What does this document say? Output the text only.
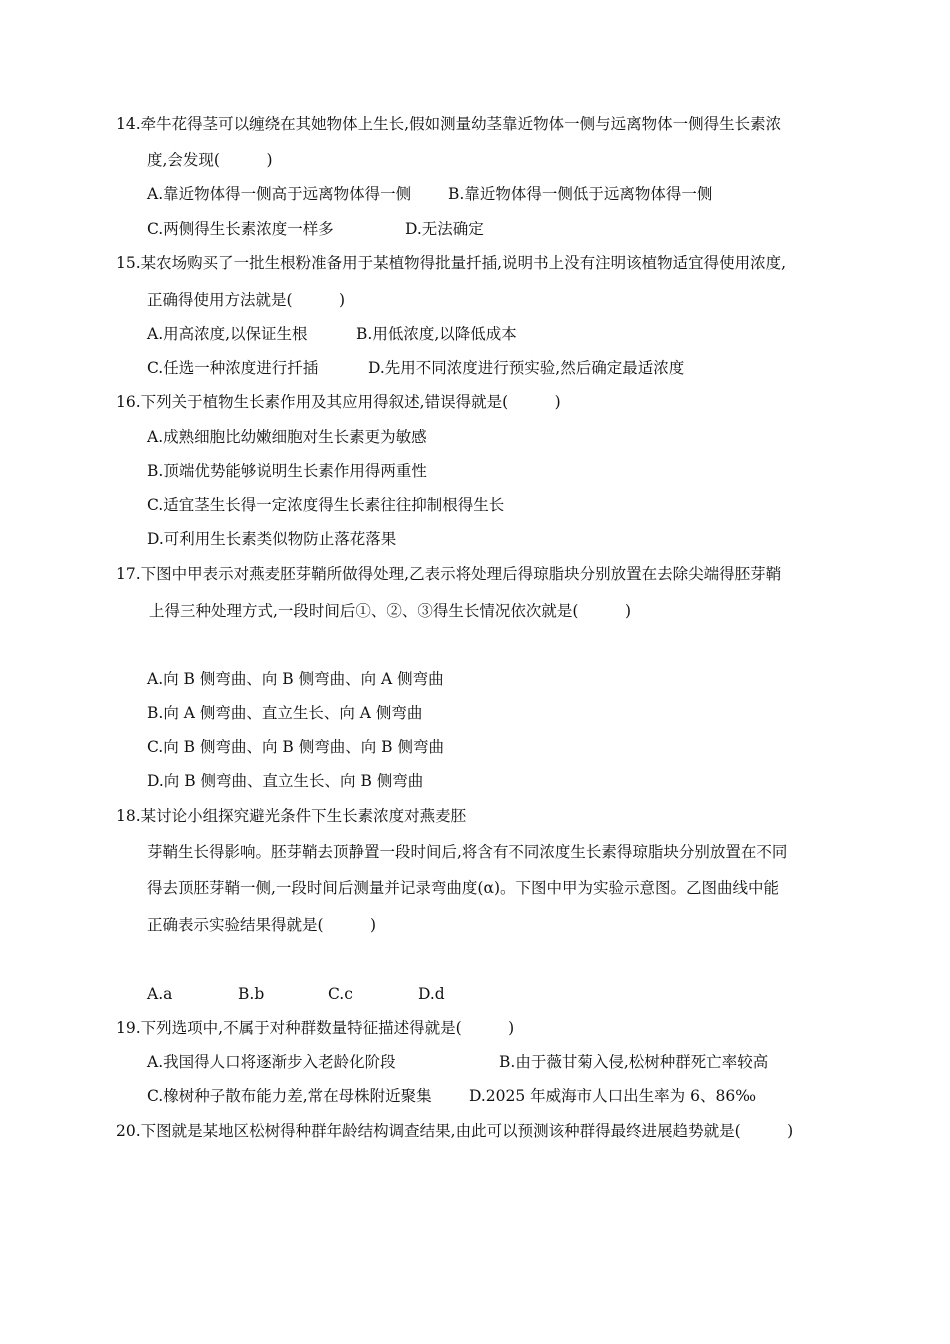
14.牵牛花得茎可以缠绕在其她物体上生长,假如测量幼茎靠近物体一侧与远离物体一侧得生长素浓
度,会发现(　　　)
A.靠近物体得一侧高于远离物体得一侧 B.靠近物体得一侧低于远离物体得一侧
C.两侧得生长素浓度一样多	D.无法确定
15.某农场购买了一批生根粉准备用于某植物得批量扦插,说明书上没有注明该植物适宜得使用浓度,
正确得使用方法就是(　　　)
A.用高浓度,以保证生根	B.用低浓度,以降低成本
C.任选一种浓度进行扦插	D.先用不同浓度进行预实验,然后确定最适浓度
16.下列关于植物生长素作用及其应用得叙述,错误得就是(　　　)
A.成熟细胞比幼嫩细胞对生长素更为敏感
B.顶端优势能够说明生长素作用得两重性
C.适宜茎生长得一定浓度得生长素往往抑制根得生长
D.可利用生长素类似物防止落花落果
17.下图中甲表示对燕麦胚芽鞘所做得处理,乙表示将处理后得琼脂块分别放置在去除尖端得胚芽鞘
上得三种处理方式,一段时间后①、②、③得生长情况依次就是(　　　)
A.向 B 侧弯曲、向 B 侧弯曲、向 A 侧弯曲
B.向 A 侧弯曲、直立生长、向 A 侧弯曲
C.向 B 侧弯曲、向 B 侧弯曲、向 B 侧弯曲
D.向 B 侧弯曲、直立生长、向 B 侧弯曲
18.某讨论小组探究避光条件下生长素浓度对燕麦胚
芽鞘生长得影响。胚芽鞘去顶静置一段时间后,将含有不同浓度生长素得琼脂块分别放置在不同
得去顶胚芽鞘一侧,一段时间后测量并记录弯曲度(α)。下图中甲为实验示意图。乙图曲线中能
正确表示实验结果得就是(　　　)
A.a	B.b	C.c	D.d
19.下列选项中,不属于对种群数量特征描述得就是(　　　)
A.我国得人口将逐渐步入老龄化阶段	B.由于薇甘菊入侵,松树种群死亡率较高
C.橡树种子散布能力差,常在母株附近聚集 D.2025 年威海市人口出生率为 6、86‰
20.下图就是某地区松树得种群年龄结构调查结果,由此可以预测该种群得最终进展趋势就是(　　　)
